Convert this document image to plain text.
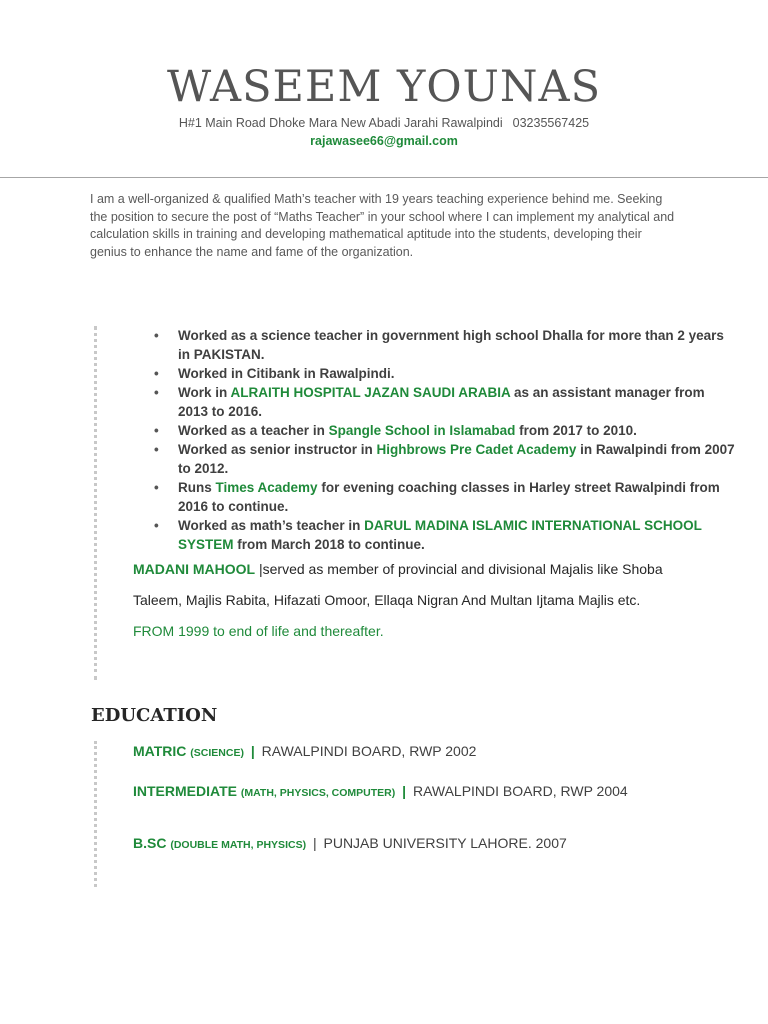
WASEEM YOUNAS
H#1 Main Road Dhoke Mara New Abadi Jarahi Rawalpindi 03235567425
rajawasee66@gmail.com

I am a well-organized & qualified Math’s teacher with 19 years teaching experience behind me. Seeking the position to secure the post of “Maths Teacher” in your school where I can implement my analytical and calculation skills in training and developing mathematical aptitude into the students, developing their genius to enhance the name and fame of the organization.

• Worked as a science teacher in government high school Dhalla for more than 2 years in PAKISTAN.
• Worked in Citibank in Rawalpindi.
• Work in ALRAITH HOSPITAL JAZAN SAUDI ARABIA as an assistant manager from 2013 to 2016.
• Worked as a teacher in Spangle School in Islamabad from 2017 to 2010.
• Worked as senior instructor in Highbrows Pre Cadet Academy in Rawalpindi from 2007 to 2012.
• Runs Times Academy for evening coaching classes in Harley street Rawalpindi from 2016 to continue.
• Worked as math’s teacher in DARUL MADINA ISLAMIC INTERNATIONAL SCHOOL SYSTEM from March 2018 to continue.

MADANI MAHOOL |served as member of provincial and divisional Majalis like Shoba Taleem, Majlis Rabita, Hifazati Omoor, Ellaqa Nigran And Multan Ijtama Majlis etc. FROM 1999 to end of life and thereafter.

EDUCATION
MATRIC (SCIENCE) | RAWALPINDI BOARD, RWP 2002
INTERMEDIATE (MATH, PHYSICS, COMPUTER) | RAWALPINDI BOARD, RWP 2004
B.SC (DOUBLE MATH, PHYSICS) | PUNJAB UNIVERSITY LAHORE. 2007
